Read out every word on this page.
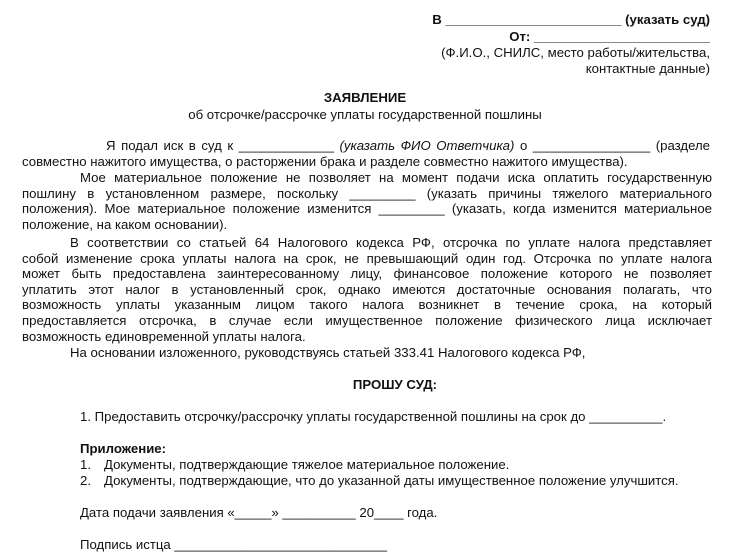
В ________________________ (указать суд)
От: ________________________
(Ф.И.О., СНИЛС, место работы/жительства,
контактные данные)
ЗАЯВЛЕНИЕ
об отсрочке/рассрочке уплаты государственной пошлины
Я подал иск в суд к _____________ (указать ФИО Ответчика) о ________________ (разделе
совместно нажитого имущества, о расторжении брака и разделе совместно нажитого имущества).
Мое материальное положение не позволяет на момент подачи иска оплатить государственную
пошлину в установленном размере, поскольку _________ (указать причины тяжелого материального
положения). Мое материальное положение изменится _________ (указать, когда изменится материальное
положение, на каком основании).
В соответствии со статьей 64 Налогового кодекса РФ, отсрочка по уплате налога представляет
собой изменение срока уплаты налога на срок, не превышающий один год. Отсрочка по уплате налога
может быть предоставлена заинтересованному лицу, финансовое положение которого не позволяет
уплатить этот налог в установленный срок, однако имеются достаточные основания полагать, что
возможность уплаты указанным лицом такого налога возникнет в течение срока, на который
предоставляется отсрочка, в случае если имущественное положение физического лица исключает
возможность единовременной уплаты налога.
На основании изложенного, руководствуясь статьей 333.41 Налогового кодекса РФ,
ПРОШУ СУД:
1. Предоставить отсрочку/рассрочку уплаты государственной пошлины на срок до __________.
Приложение:
1. Документы, подтверждающие тяжелое материальное положение.
2. Документы, подтверждающие, что до указанной даты имущественное положение улучшится.
Дата подачи заявления «_____» __________ 20____ года.
Подпись истца _____________________________
